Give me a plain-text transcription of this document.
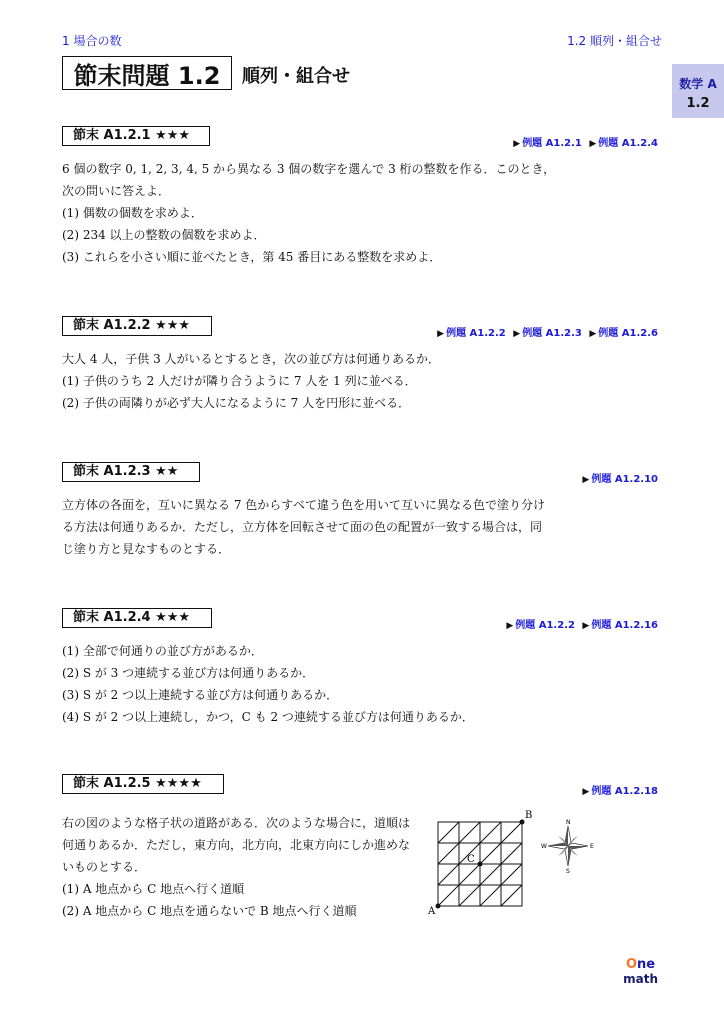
1 場合の数	1.2 順列・組合せ
節末問題 1.2	順列・組合せ	数学 A
1.2
節末 A1.2.1 ★★★
▶ 例題 A1.2.1 ▶ 例題 A1.2.4

6 個の数字 0, 1, 2, 3, 4, 5 から異なる 3 個の数字を選んで 3 桁の整数を作る．このとき，

次の問いに答えよ．

(1) 偶数の個数を求めよ．

(2) 234 以上の整数の個数を求めよ．

(3) これらを小さい順に並べたとき，第 45 番目にある整数を求めよ．

節末 A1.2.2 ★★★
▶ 例題 A1.2.2 ▶ 例題 A1.2.3 ▶ 例題 A1.2.6

大人 4 人，子供 3 人がいるとするとき，次の並び方は何通りあるか．

(1) 子供のうち 2 人だけが隣り合うように 7 人を 1 列に並べる．

(2) 子供の両隣りが必ず大人になるように 7 人を円形に並べる．

節末 A1.2.3 ★★
▶ 例題 A1.2.10

立方体の各面を，互いに異なる 7 色からすべて違う色を用いて互いに異なる色で塗り分け

る方法は何通りあるか．ただし，立方体を回転させて面の色の配置が一致する場合は，同

じ塗り方と見なすものとする．

節末 A1.2.4 ★★★
▶ 例題 A1.2.2 ▶ 例題 A1.2.16

(1) 全部で何通りの並び方があるか．

(2) S が 3 つ連続する並び方は何通りあるか．

(3) S が 2 つ以上連続する並び方は何通りあるか．

(4) S が 2 つ以上連続し，かつ，C も 2 つ連続する並び方は何通りあるか．

節末 A1.2.5 ★★★★
▶ 例題 A1.2.18

右の図のような格子状の道路がある．次のような場合に，道順は

何通りあるか．ただし，東方向，北方向，北東方向にしか進めな

いものとする．

(1) A 地点から C 地点へ行く道順

(2) A 地点から C 地点を通らないで B 地点へ行く道順	A
B
C
N
S
E
W
One
math
